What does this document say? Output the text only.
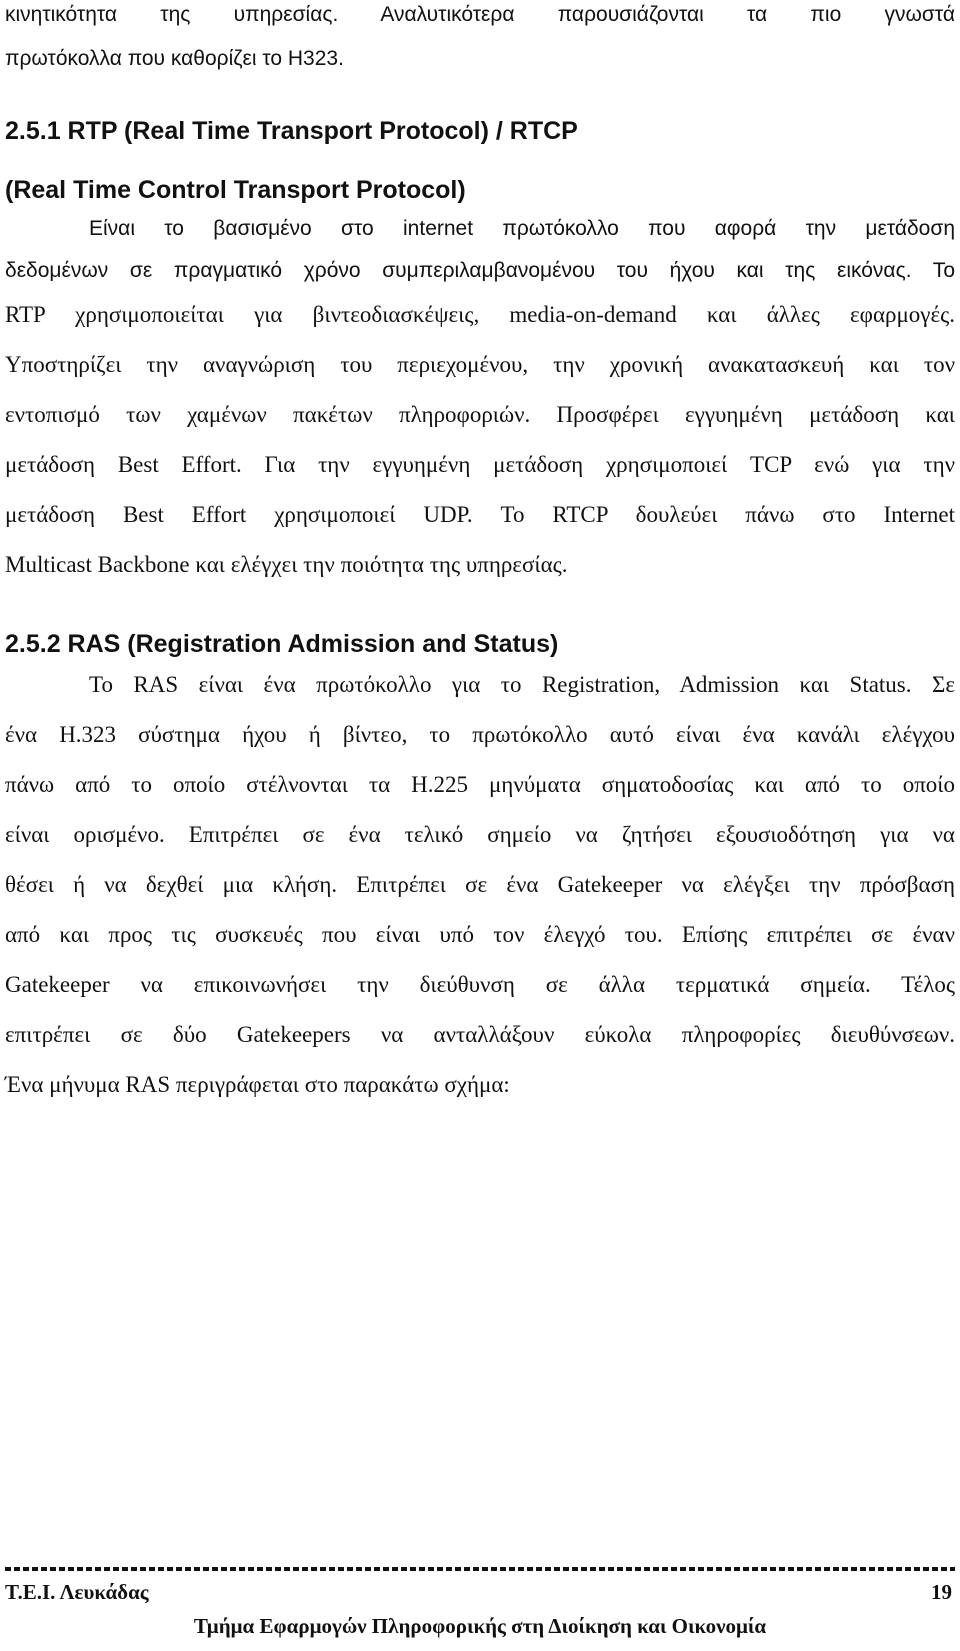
κινητικότητα της υπηρεσίας. Αναλυτικότερα παρουσιάζονται τα πιο γνωστά
πρωτόκολλα που καθορίζει το Η323.
2.5.1 RTP (Real Time Transport Protocol) / RTCP
(Real Time Control Transport Protocol)
Είναι το βασισμένο στο internet πρωτόκολλο που αφορά την μετάδοση
δεδομένων σε πραγματικό χρόνο συμπεριλαμβανομένου του ήχου και της εικόνας. Το
RTP χρησιμοποιείται για βιντεοδιασκέψεις, media-on-demand και άλλες εφαρμογές.
Υποστηρίζει την αναγνώριση του περιεχομένου, την χρονική ανακατασκευή και τον
εντοπισμό των χαμένων πακέτων πληροφοριών. Προσφέρει εγγυημένη μετάδοση και
μετάδοση Best Effort. Για την εγγυημένη μετάδοση χρησιμοποιεί TCP ενώ για την
μετάδοση Best Effort χρησιμοποιεί UDP. Το RTCP δουλεύει πάνω στο Internet
Multicast Backbone και ελέγχει την ποιότητα της υπηρεσίας.
2.5.2 RAS (Registration Admission and Status)
Το RAS είναι ένα πρωτόκολλο για το Registration, Admission και Status. Σε
ένα H.323 σύστημα ήχου ή βίντεο, το πρωτόκολλο αυτό είναι ένα κανάλι ελέγχου
πάνω από το οποίο στέλνονται τα H.225 μηνύματα σηματοδοσίας και από το οποίο
είναι ορισμένο. Επιτρέπει σε ένα τελικό σημείο να ζητήσει εξουσιοδότηση για να
θέσει ή να δεχθεί μια κλήση. Επιτρέπει σε ένα Gatekeeper να ελέγξει την πρόσβαση
από και προς τις συσκευές που είναι υπό τον έλεγχό του. Επίσης επιτρέπει σε έναν
Gatekeeper να επικοινωνήσει την διεύθυνση σε άλλα τερματικά σημεία. Τέλος
επιτρέπει σε δύο Gatekeepers να ανταλλάξουν εύκολα πληροφορίες διευθύνσεων.
Ένα μήνυμα RAS περιγράφεται στο παρακάτω σχήμα:
Τ.Ε.Ι. Λευκάδας	19
Τμήμα Εφαρμογών Πληροφορικής στη Διοίκηση και Οικονομία
